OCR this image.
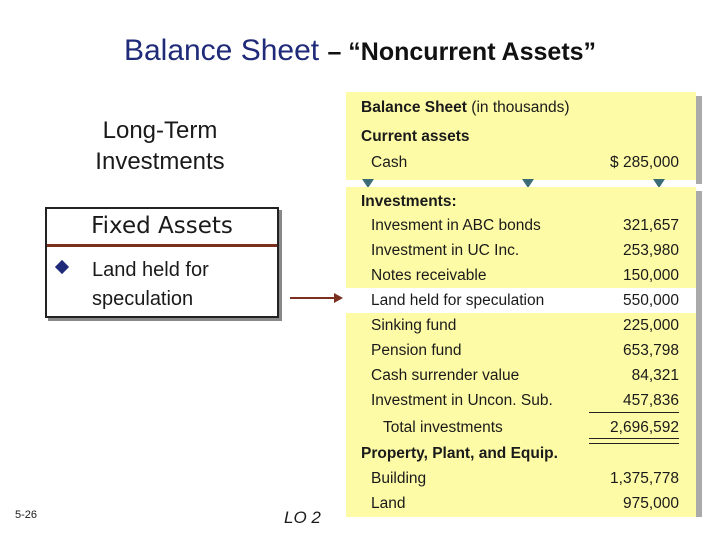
Balance Sheet – “Noncurrent Assets”
Long-Term
Investments
Fixed Assets
Land held for
speculation
5-26	LO 2
Balance Sheet (in thousands)
Current assets
Cash	$ 285,000
Investments:
Invesment in ABC bonds	321,657
Investment in UC Inc.	253,980
Notes receivable	150,000
Land held for speculation	550,000
Sinking fund	225,000
Pension fund	653,798
Cash surrender value	84,321
Investment in Uncon. Sub.	457,836
Total investments	2,696,592
Property, Plant, and Equip.
Building	1,375,778
Land	975,000
